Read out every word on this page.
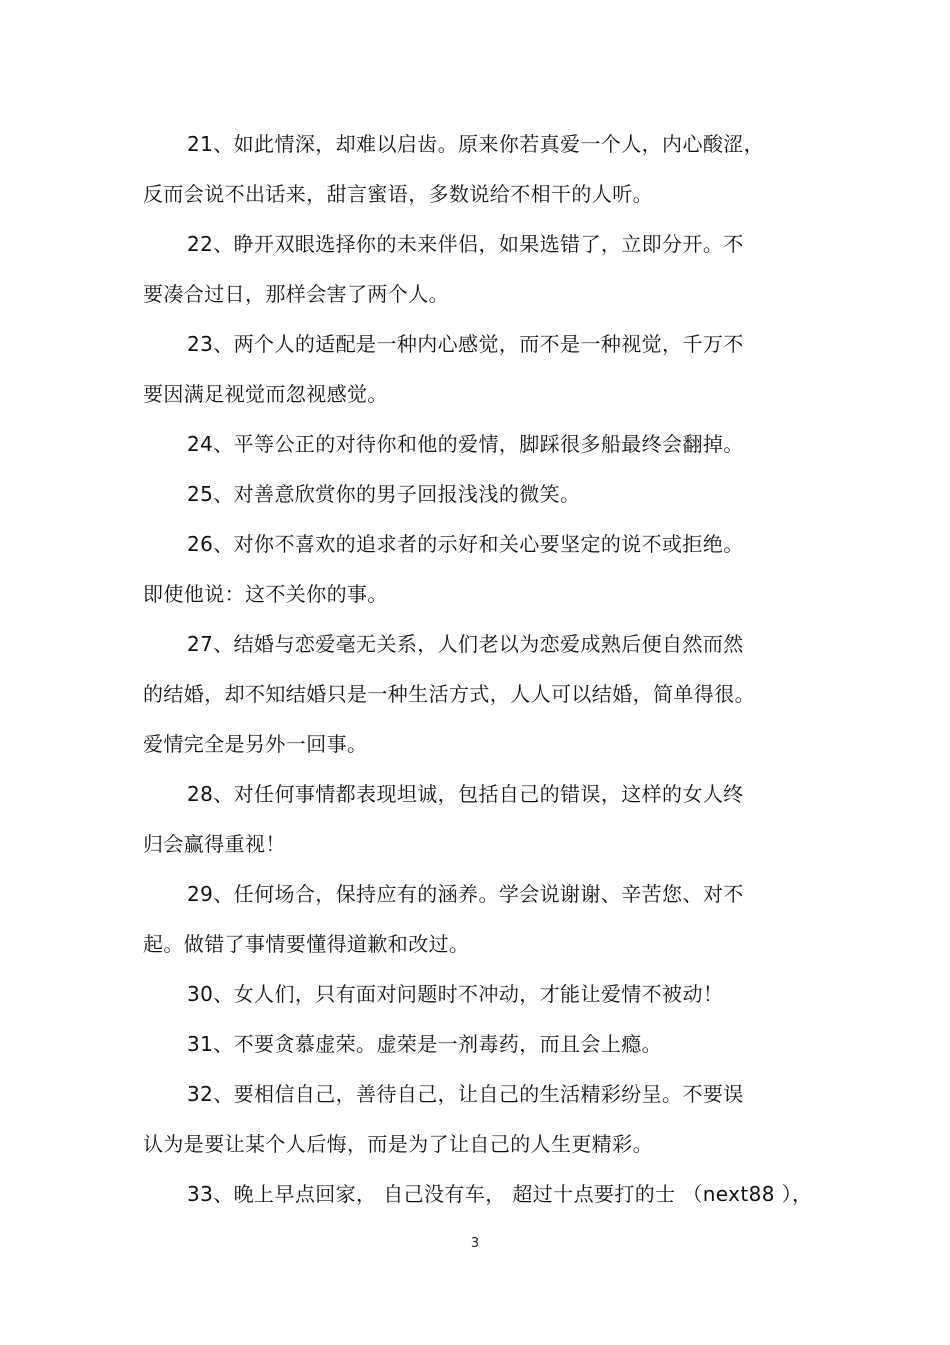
21、如此情深，却难以启齿。原来你若真爱一个人，内心酸涩，
反而会说不出话来，甜言蜜语，多数说给不相干的人听。
22、睁开双眼选择你的未来伴侣，如果选错了，立即分开。不
要凑合过日，那样会害了两个人。
23、两个人的适配是一种内心感觉，而不是一种视觉，千万不
要因满足视觉而忽视感觉。
24、平等公正的对待你和他的爱情，脚踩很多船最终会翻掉。
25、对善意欣赏你的男子回报浅浅的微笑。
26、对你不喜欢的追求者的示好和关心要坚定的说不或拒绝。
即使他说：这不关你的事。
27、结婚与恋爱毫无关系，人们老以为恋爱成熟后便自然而然
的结婚，却不知结婚只是一种生活方式，人人可以结婚，简单得很。
爱情完全是另外一回事。
28、对任何事情都表现坦诚，包括自己的错误，这样的女人终
归会赢得重视！
29、任何场合，保持应有的涵养。学会说谢谢、辛苦您、对不
起。做错了事情要懂得道歉和改过。
30、女人们，只有面对问题时不冲动，才能让爱情不被动！
31、不要贪慕虚荣。虚荣是一剂毒药，而且会上瘾。
32、要相信自己，善待自己，让自己的生活精彩纷呈。不要误
认为是要让某个人后悔，而是为了让自己的人生更精彩。
33、晚上早点回家， 自己没有车， 超过十点要打的士 （next88 ），
3
